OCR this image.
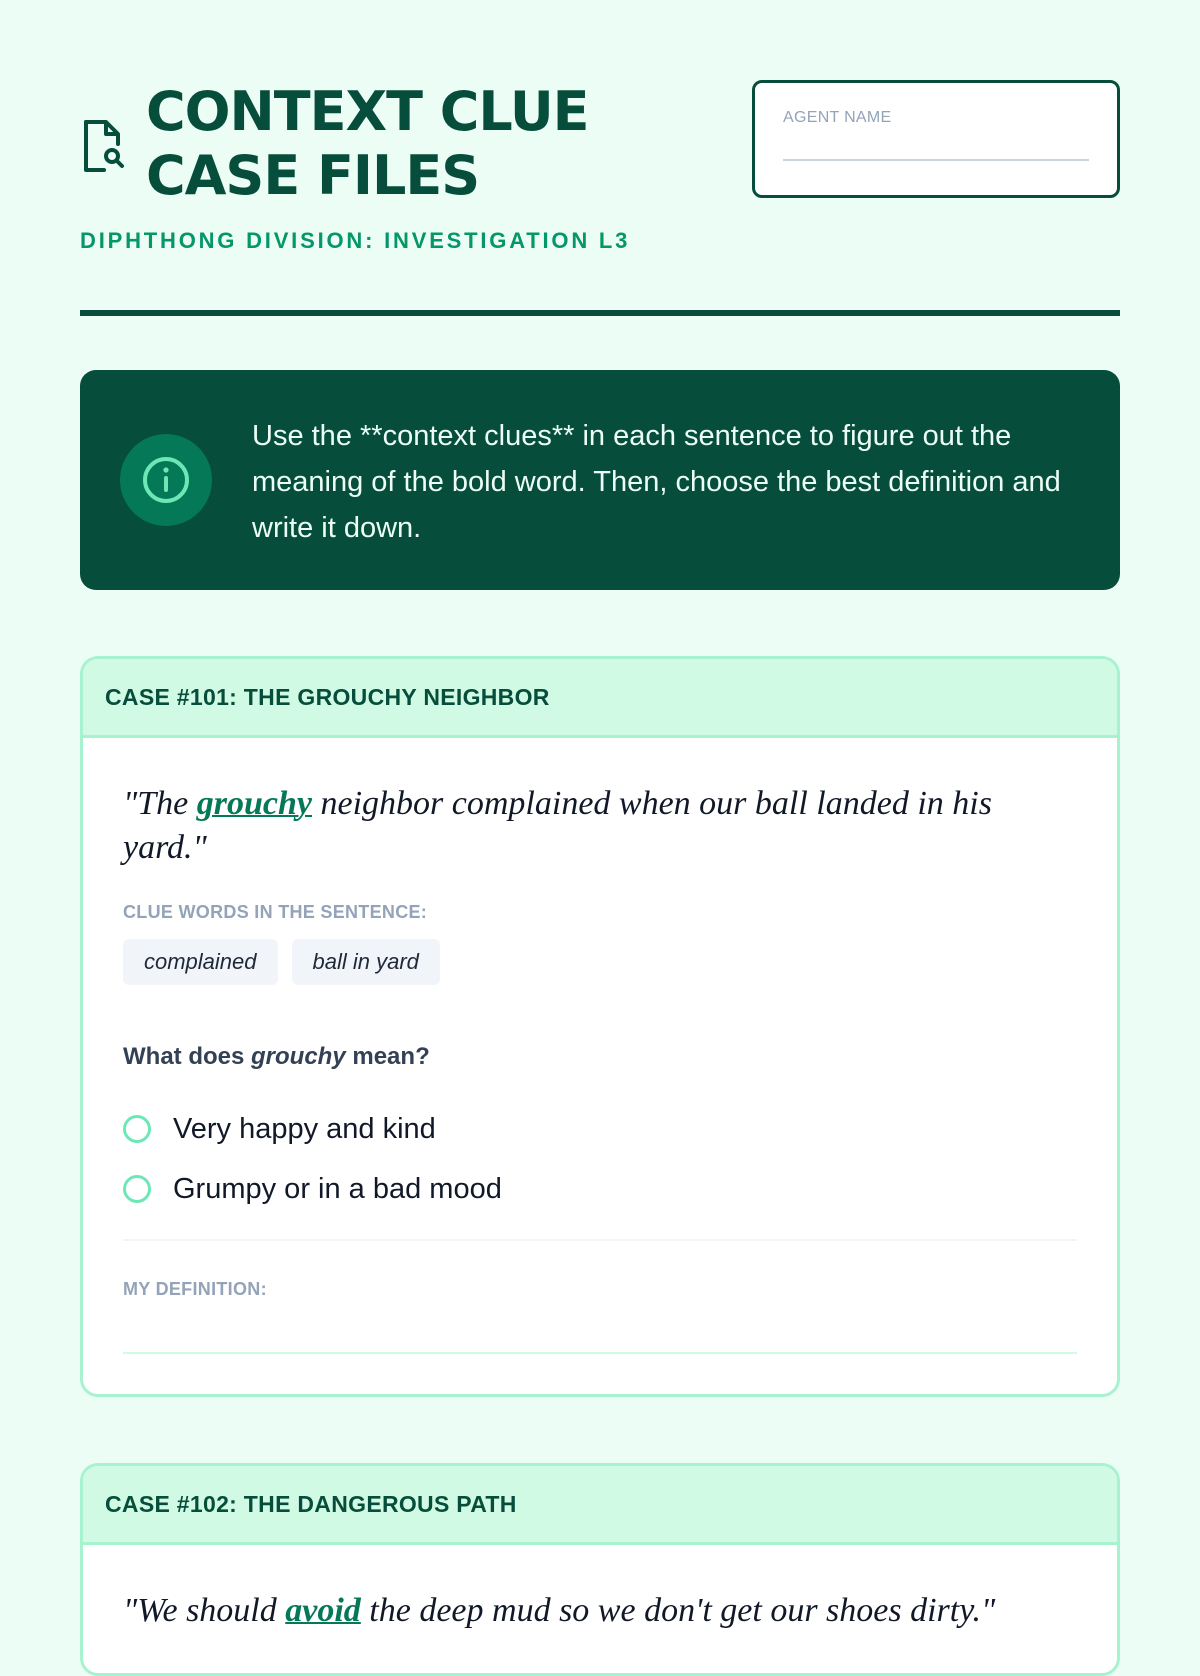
CONTEXT CLUE CASE FILES
DIPHTHONG DIVISION: INVESTIGATION L3
AGENT NAME
Use the **context clues** in each sentence to figure out the meaning of the bold word. Then, choose the best definition and write it down.
CASE #101: THE GROUCHY NEIGHBOR
"The grouchy neighbor complained when our ball landed in his yard."
CLUE WORDS IN THE SENTENCE:
complained	ball in yard
What does grouchy mean?
Very happy and kind
Grumpy or in a bad mood
MY DEFINITION:
CASE #102: THE DANGEROUS PATH
"We should avoid the deep mud so we don't get our shoes dirty."
